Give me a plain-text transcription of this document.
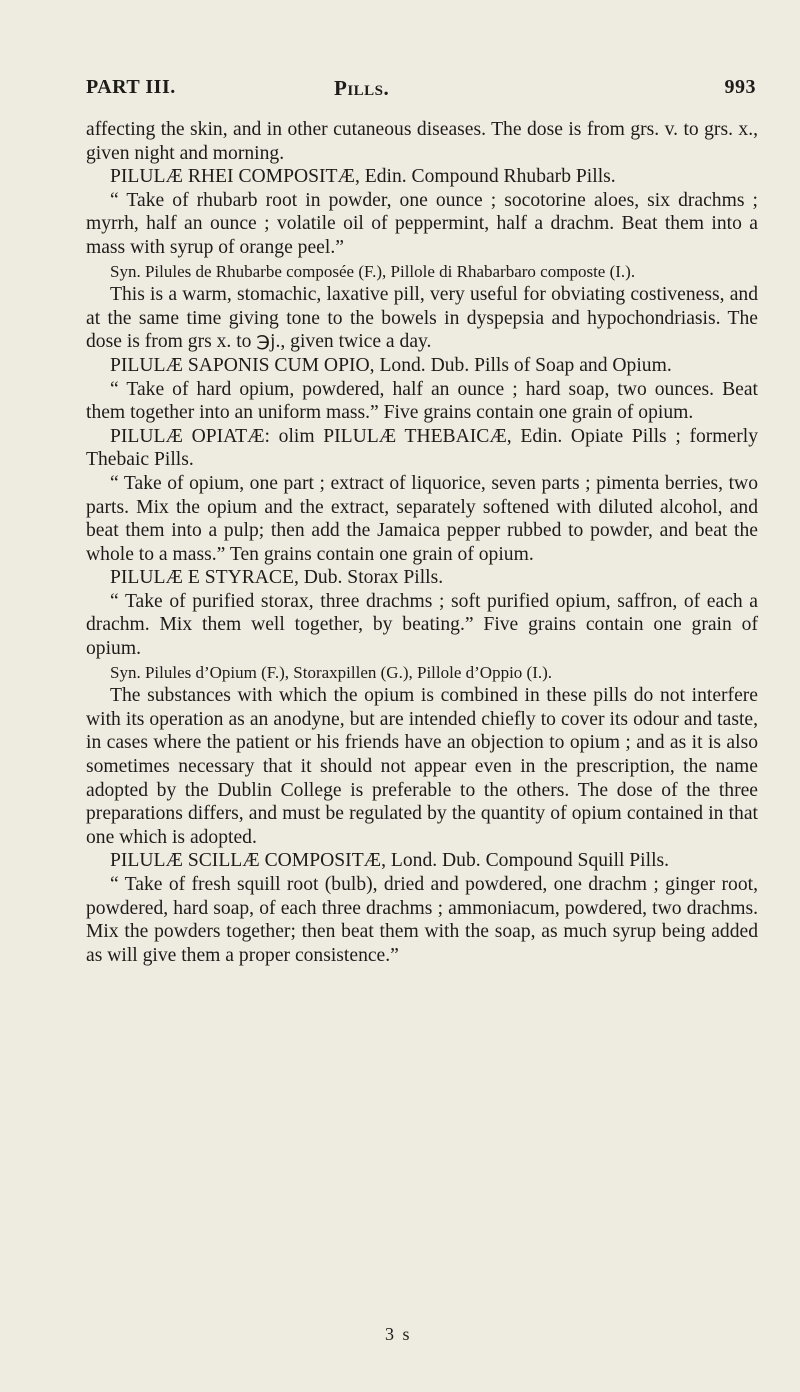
PART III.	Pills.	993

affecting the skin, and in other cutaneous diseases. The dose is from grs. v. to grs. x., given night and morning.

PILULÆ RHEI COMPOSITÆ, Edin. Compound Rhubarb Pills.

“ Take of rhubarb root in powder, one ounce ; socotorine aloes, six drachms ; myrrh, half an ounce ; volatile oil of peppermint, half a drachm. Beat them into a mass with syrup of orange peel.”

Syn. Pilules de Rhubarbe composée (F.), Pillole di Rhabarbaro composte (I.).

This is a warm, stomachic, laxative pill, very useful for obviating costiveness, and at the same time giving tone to the bowels in dyspepsia and hypochondriasis. The dose is from grs x. to ℈j., given twice a day.

PILULÆ SAPONIS CUM OPIO, Lond. Dub. Pills of Soap and Opium.

“ Take of hard opium, powdered, half an ounce ; hard soap, two ounces. Beat them together into an uniform mass.” Five grains contain one grain of opium.

PILULÆ OPIATÆ: olim PILULÆ THEBAICÆ, Edin. Opiate Pills ; formerly Thebaic Pills.

“ Take of opium, one part ; extract of liquorice, seven parts ; pimenta berries, two parts. Mix the opium and the extract, separately softened with diluted alcohol, and beat them into a pulp; then add the Jamaica pepper rubbed to powder, and beat the whole to a mass.” Ten grains contain one grain of opium.

PILULÆ E STYRACE, Dub. Storax Pills.

“ Take of purified storax, three drachms ; soft purified opium, saffron, of each a drachm. Mix them well together, by beating.” Five grains contain one grain of opium.

Syn. Pilules d’Opium (F.), Storaxpillen (G.), Pillole d’Oppio (I.).

The substances with which the opium is combined in these pills do not interfere with its operation as an anodyne, but are intended chiefly to cover its odour and taste, in cases where the patient or his friends have an objection to opium ; and as it is also sometimes necessary that it should not appear even in the prescription, the name adopted by the Dublin College is preferable to the others. The dose of the three preparations differs, and must be regulated by the quantity of opium contained in that one which is adopted.

PILULÆ SCILLÆ COMPOSITÆ, Lond. Dub. Compound Squill Pills.

“ Take of fresh squill root (bulb), dried and powdered, one drachm ; ginger root, powdered, hard soap, of each three drachms ; ammoniacum, powdered, two drachms. Mix the powders together; then beat them with the soap, as much syrup being added as will give them a proper consistence.”

3 s
